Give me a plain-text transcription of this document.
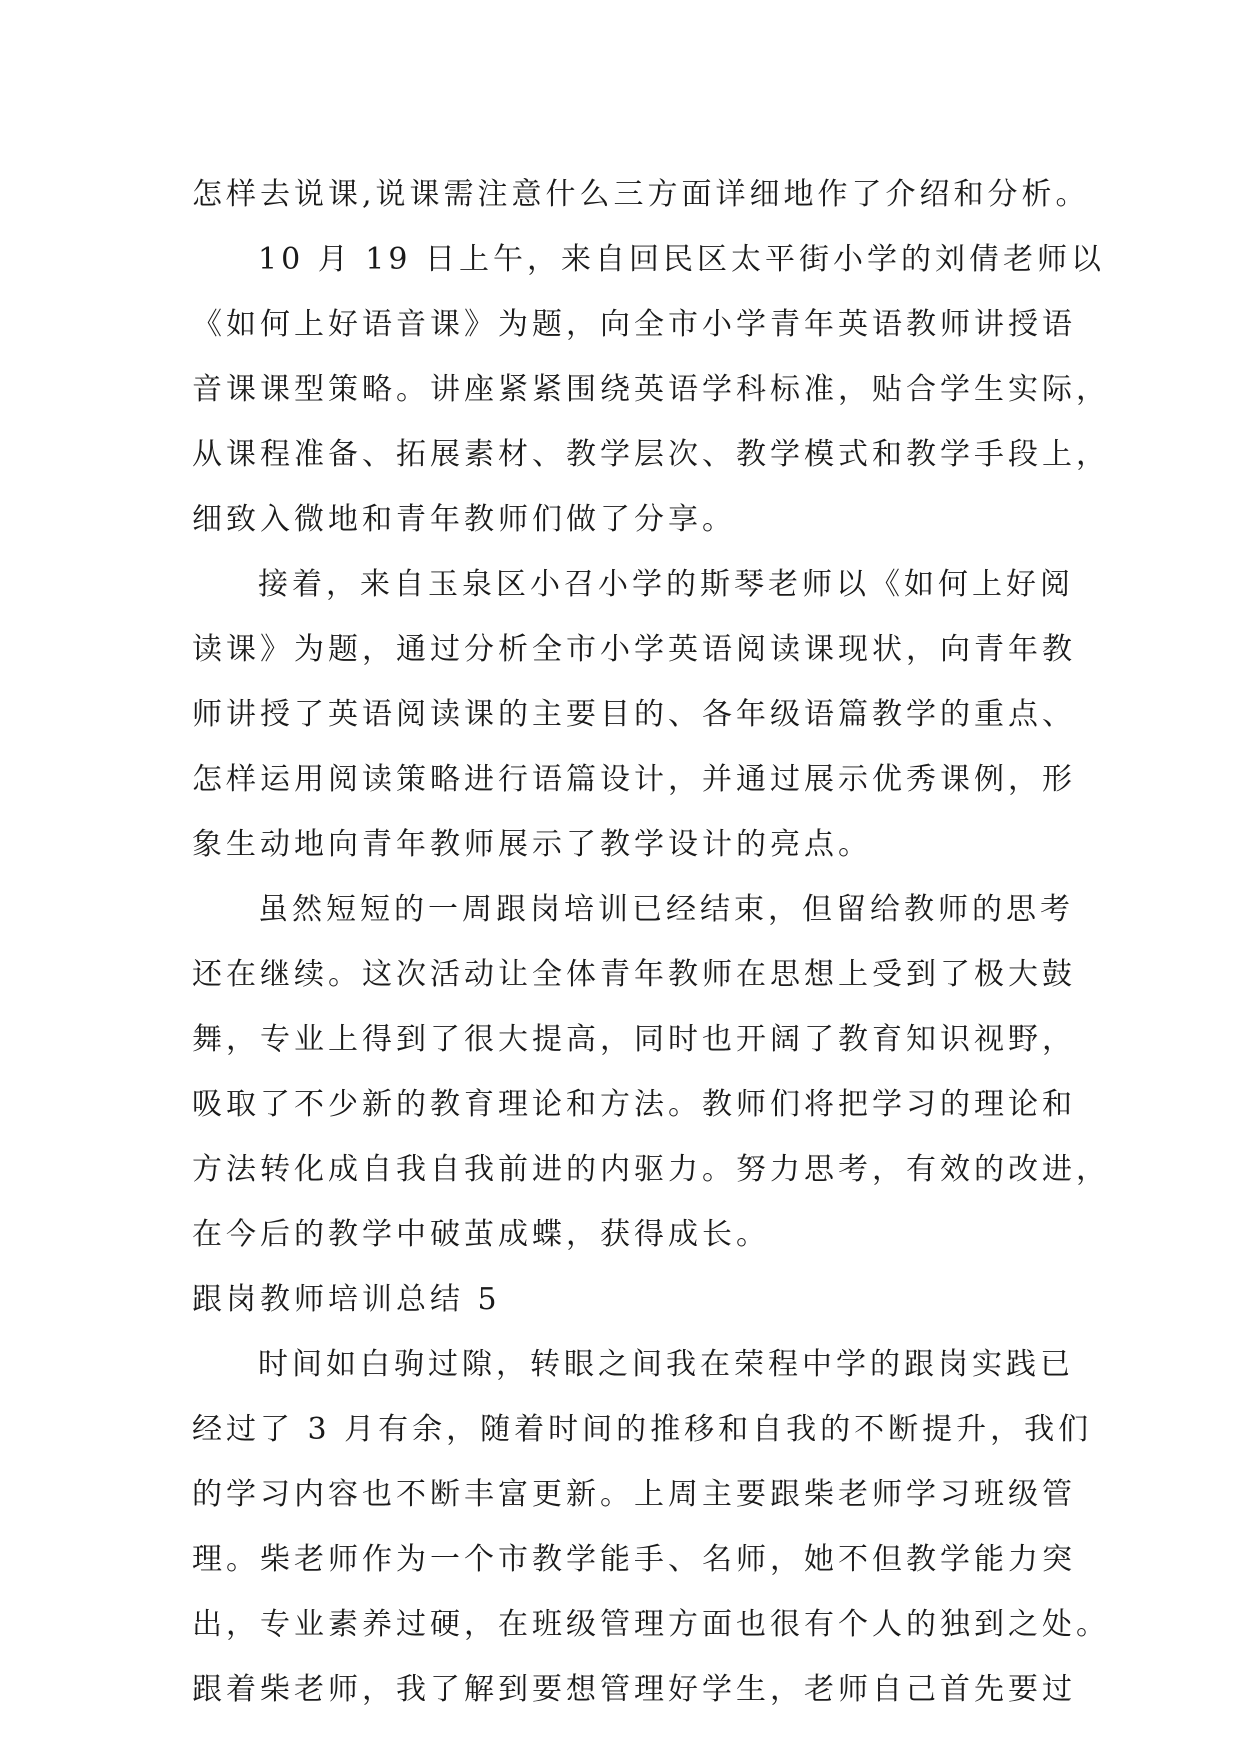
怎样去说课,说课需注意什么三方面详细地作了介绍和分析。
10 月 19 日上午，来自回民区太平街小学的刘倩老师以
《如何上好语音课》为题，向全市小学青年英语教师讲授语
音课课型策略。讲座紧紧围绕英语学科标准，贴合学生实际，
从课程准备、拓展素材、教学层次、教学模式和教学手段上，
细致入微地和青年教师们做了分享。
接着，来自玉泉区小召小学的斯琴老师以《如何上好阅
读课》为题，通过分析全市小学英语阅读课现状，向青年教
师讲授了英语阅读课的主要目的、各年级语篇教学的重点、
怎样运用阅读策略进行语篇设计，并通过展示优秀课例，形
象生动地向青年教师展示了教学设计的亮点。
虽然短短的一周跟岗培训已经结束，但留给教师的思考
还在继续。这次活动让全体青年教师在思想上受到了极大鼓
舞，专业上得到了很大提高，同时也开阔了教育知识视野，
吸取了不少新的教育理论和方法。教师们将把学习的理论和
方法转化成自我自我前进的内驱力。努力思考，有效的改进，
在今后的教学中破茧成蝶，获得成长。
跟岗教师培训总结 5
时间如白驹过隙，转眼之间我在荣程中学的跟岗实践已
经过了 3 月有余，随着时间的推移和自我的不断提升，我们
的学习内容也不断丰富更新。上周主要跟柴老师学习班级管
理。柴老师作为一个市教学能手、名师，她不但教学能力突
出，专业素养过硬，在班级管理方面也很有个人的独到之处。
跟着柴老师，我了解到要想管理好学生，老师自己首先要过
